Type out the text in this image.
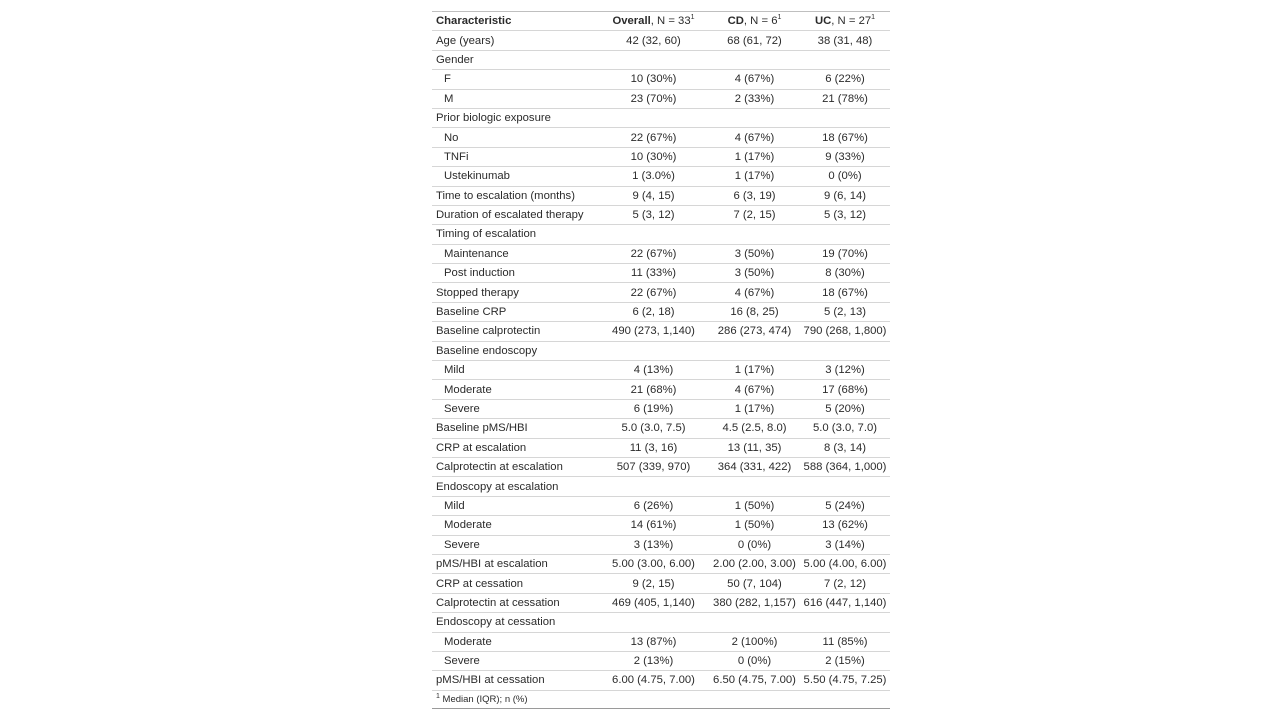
Characteristic	Overall, $N = 33^1$	CD, $N = 6^1$	UC, $N = 27^1$
Age (years)	42 (32, 60)	68 (61, 72)	38 (31, 48)
Gender			
F	10 (30%)	4 (67%)	6 (22%)
M	23 (70%)	2 (33%)	21 (78%)
Prior biologic exposure			
No	22 (67%)	4 (67%)	18 (67%)
TNFi	10 (30%)	1 (17%)	9 (33%)
Ustekinumab	1 (3.0%)	1 (17%)	0 (0%)
Time to escalation (months)	9 (4, 15)	6 (3, 19)	9 (6, 14)
Duration of escalated therapy	5 (3, 12)	7 (2, 15)	5 (3, 12)
Timing of escalation			
Maintenance	22 (67%)	3 (50%)	19 (70%)
Post induction	11 (33%)	3 (50%)	8 (30%)
Stopped therapy	22 (67%)	4 (67%)	18 (67%)
Baseline CRP	6 (2, 18)	16 (8, 25)	5 (2, 13)
Baseline calprotectin	490 (273, 1,140)	286 (273, 474)	790 (268, 1,800)
Baseline endoscopy			
Mild	4 (13%)	1 (17%)	3 (12%)
Moderate	21 (68%)	4 (67%)	17 (68%)
Severe	6 (19%)	1 (17%)	5 (20%)
Baseline pMS/HBI	5.0 (3.0, 7.5)	4.5 (2.5, 8.0)	5.0 (3.0, 7.0)
CRP at escalation	11 (3, 16)	13 (11, 35)	8 (3, 14)
Calprotectin at escalation	507 (339, 970)	364 (331, 422)	588 (364, 1,000)
Endoscopy at escalation			
Mild	6 (26%)	1 (50%)	5 (24%)
Moderate	14 (61%)	1 (50%)	13 (62%)
Severe	3 (13%)	0 (0%)	3 (14%)
pMS/HBI at escalation	5.00 (3.00, 6.00)	2.00 (2.00, 3.00)	5.00 (4.00, 6.00)
CRP at cessation	9 (2, 15)	50 (7, 104)	7 (2, 12)
Calprotectin at cessation	469 (405, 1,140)	380 (282, 1,157)	616 (447, 1,140)
Endoscopy at cessation			
Moderate	13 (87%)	2 (100%)	11 (85%)
Severe	2 (13%)	0 (0%)	2 (15%)
pMS/HBI at cessation	6.00 (4.75, 7.00)	6.50 (4.75, 7.00)	5.50 (4.75, 7.25)
$^1$ Median (IQR); n (%)
